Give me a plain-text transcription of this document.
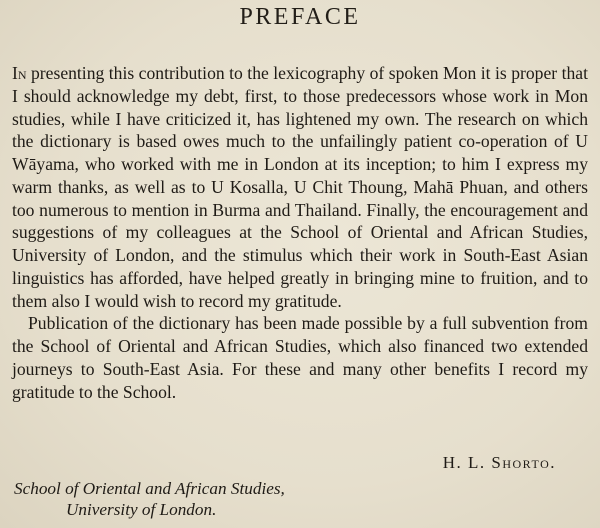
PREFACE

In presenting this contribution to the lexicography of spoken Mon it is proper that I should acknowledge my debt, first, to those predecessors whose work in Mon studies, while I have criticized it, has lightened my own. The research on which the dictionary is based owes much to the unfailingly patient co-operation of U Wāyama, who worked with me in London at its inception; to him I express my warm thanks, as well as to U Kosalla, U Chit Thoung, Mahā Phuan, and others too numerous to mention in Burma and Thailand. Finally, the encouragement and suggestions of my colleagues at the School of Oriental and African Studies, University of London, and the stimulus which their work in South-East Asian linguistics has afforded, have helped greatly in bringing mine to fruition, and to them also I would wish to record my gratitude.

Publication of the dictionary has been made possible by a full subvention from the School of Oriental and African Studies, which also financed two extended journeys to South-East Asia. For these and many other benefits I record my gratitude to the School.

H. L. Shorto.
School of Oriental and African Studies,
University of London.
